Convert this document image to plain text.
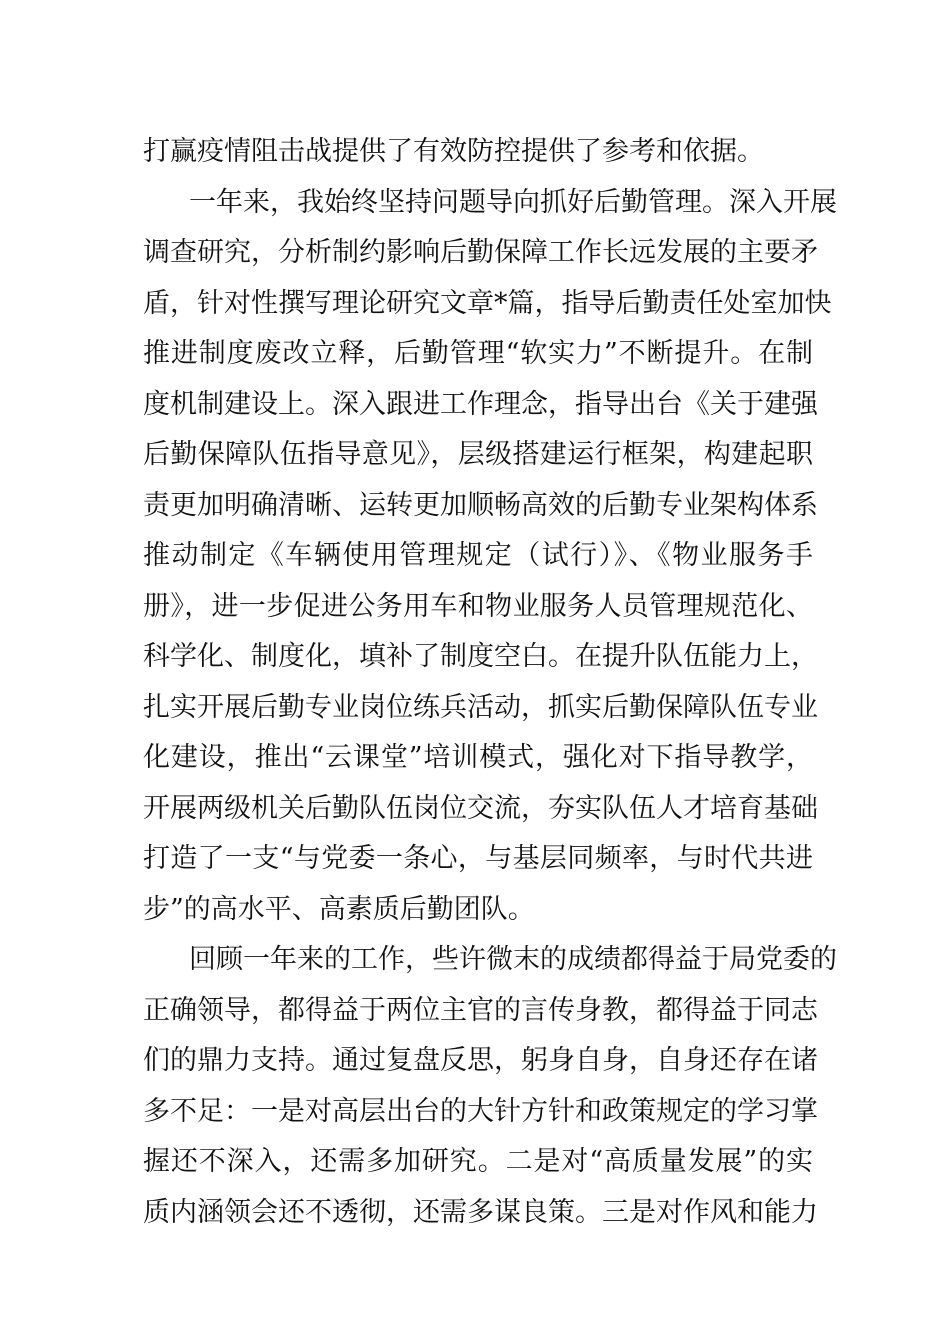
打赢疫情阻击战提供了有效防控提供了参考和依据。
一年来，我始终坚持问题导向抓好后勤管理。深入开展
调查研究，分析制约影响后勤保障工作长远发展的主要矛
盾，针对性撰写理论研究文章*篇，指导后勤责任处室加快
推进制度废改立释，后勤管理“软实力”不断提升。在制
度机制建设上。深入跟进工作理念，指导出台《关于建强
后勤保障队伍指导意见》，层级搭建运行框架，构建起职
责更加明确清晰、运转更加顺畅高效的后勤专业架构体系
推动制定《车辆使用管理规定（试行）》、《物业服务手
册》，进一步促进公务用车和物业服务人员管理规范化、
科学化、制度化，填补了制度空白。在提升队伍能力上，
扎实开展后勤专业岗位练兵活动，抓实后勤保障队伍专业
化建设，推出“云课堂”培训模式，强化对下指导教学，
开展两级机关后勤队伍岗位交流，夯实队伍人才培育基础
打造了一支“与党委一条心，与基层同频率，与时代共进
步”的高水平、高素质后勤团队。
回顾一年来的工作，些许微末的成绩都得益于局党委的
正确领导，都得益于两位主官的言传身教，都得益于同志
们的鼎力支持。通过复盘反思，躬身自身，自身还存在诸
多不足：一是对高层出台的大针方针和政策规定的学习掌
握还不深入，还需多加研究。二是对“高质量发展”的实
质内涵领会还不透彻，还需多谋良策。三是对作风和能力
